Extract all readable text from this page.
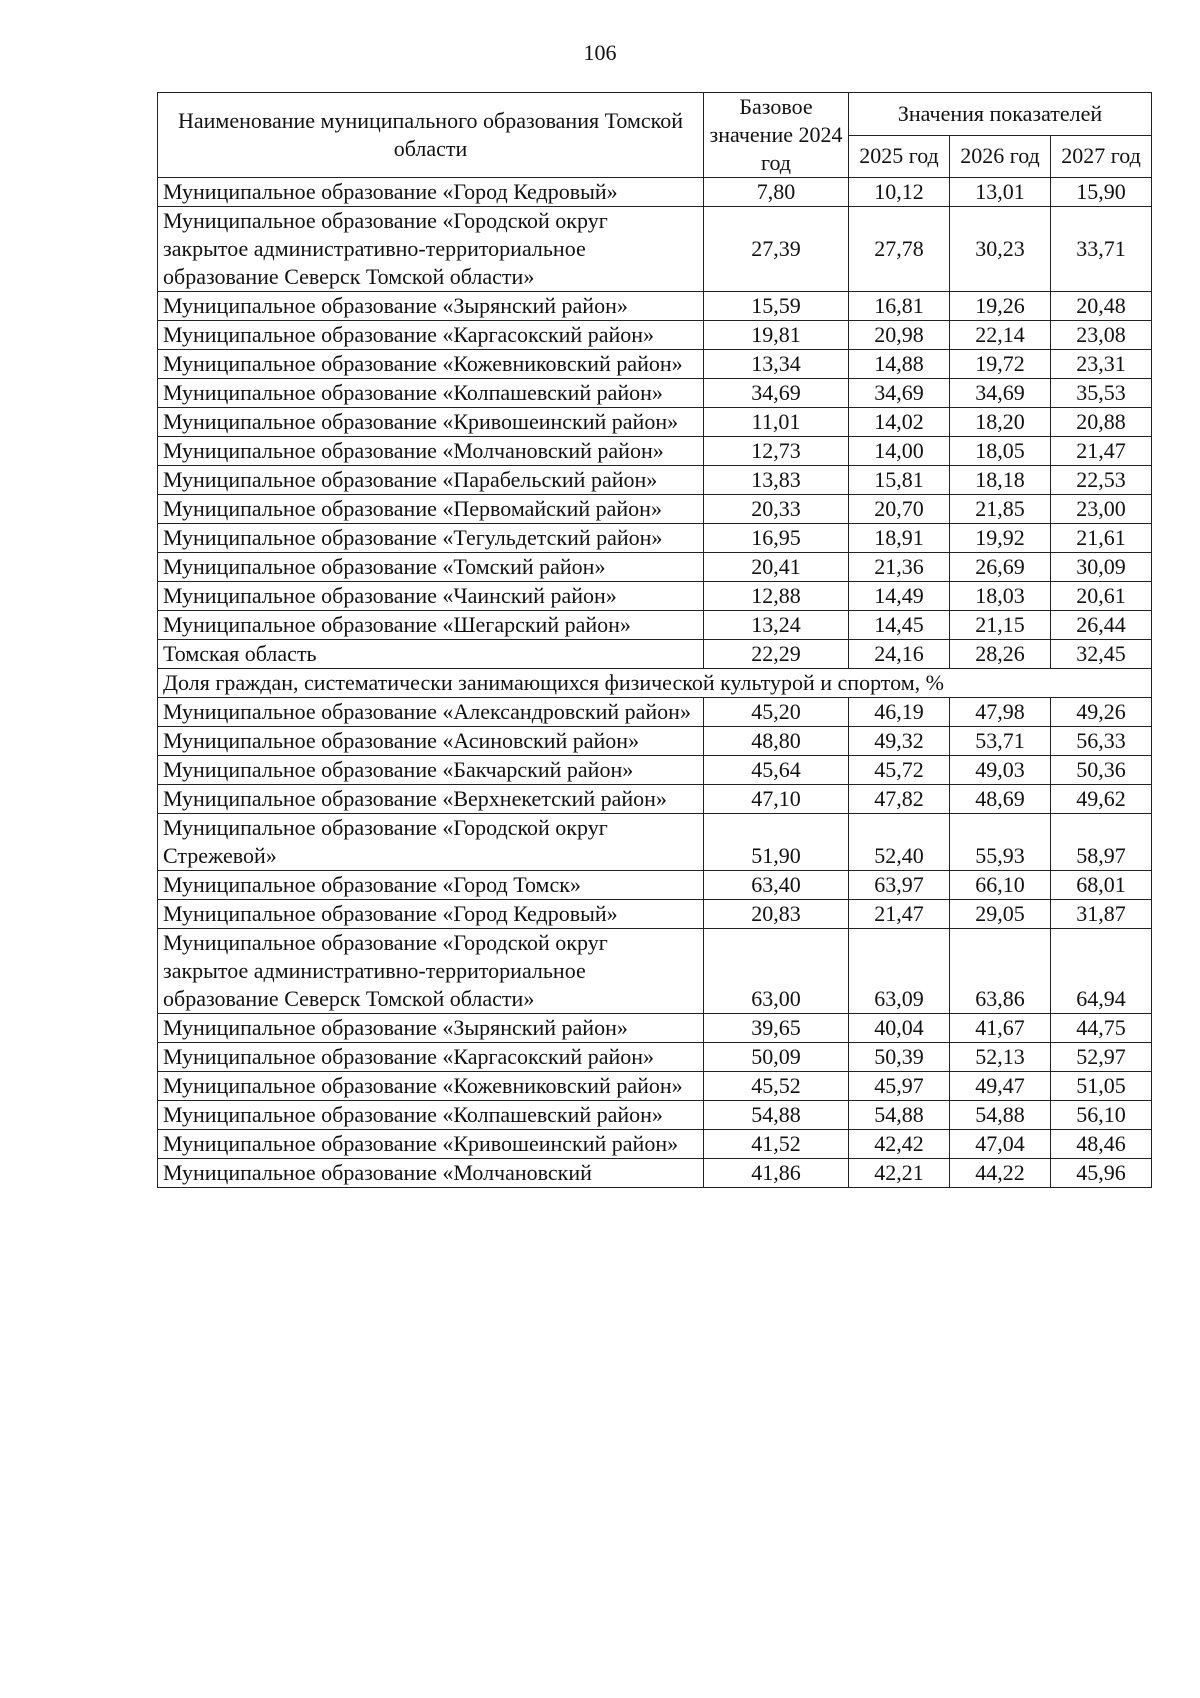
106
Наименование муниципального образования Томской области	Базовое значение 2024 год	Значения показателей		
		2025 год	2026 год	2027 год
Муниципальное образование «Город Кедровый»	7,80	10,12	13,01	15,90
Муниципальное образование «Городской округ закрытое административно-территориальное образование Северск Томской области»	27,39	27,78	30,23	33,71
Муниципальное образование «Зырянский район»	15,59	16,81	19,26	20,48
Муниципальное образование «Каргасокский район»	19,81	20,98	22,14	23,08
Муниципальное образование «Кожевниковский район»	13,34	14,88	19,72	23,31
Муниципальное образование «Колпашевский район»	34,69	34,69	34,69	35,53
Муниципальное образование «Кривошеинский район»	11,01	14,02	18,20	20,88
Муниципальное образование «Молчановский район»	12,73	14,00	18,05	21,47
Муниципальное образование «Парабельский район»	13,83	15,81	18,18	22,53
Муниципальное образование «Первомайский район»	20,33	20,70	21,85	23,00
Муниципальное образование «Тегульдетский район»	16,95	18,91	19,92	21,61
Муниципальное образование «Томский район»	20,41	21,36	26,69	30,09
Муниципальное образование «Чаинский район»	12,88	14,49	18,03	20,61
Муниципальное образование «Шегарский район»	13,24	14,45	21,15	26,44
Томская область	22,29	24,16	28,26	32,45
Доля граждан, систематически занимающихся физической культурой и спортом, %				
Муниципальное образование «Александровский район»	45,20	46,19	47,98	49,26
Муниципальное образование «Асиновский район»	48,80	49,32	53,71	56,33
Муниципальное образование «Бакчарский район»	45,64	45,72	49,03	50,36
Муниципальное образование «Верхнекетский район»	47,10	47,82	48,69	49,62
Муниципальное образование «Городской округ Стрежевой»	51,90	52,40	55,93	58,97
Муниципальное образование «Город Томск»	63,40	63,97	66,10	68,01
Муниципальное образование «Город Кедровый»	20,83	21,47	29,05	31,87
Муниципальное образование «Городской округ закрытое административно-территориальное образование Северск Томской области»	63,00	63,09	63,86	64,94
Муниципальное образование «Зырянский район»	39,65	40,04	41,67	44,75
Муниципальное образование «Каргасокский район»	50,09	50,39	52,13	52,97
Муниципальное образование «Кожевниковский район»	45,52	45,97	49,47	51,05
Муниципальное образование «Колпашевский район»	54,88	54,88	54,88	56,10
Муниципальное образование «Кривошеинский район»	41,52	42,42	47,04	48,46
Муниципальное образование «Молчановский	41,86	42,21	44,22	45,96
